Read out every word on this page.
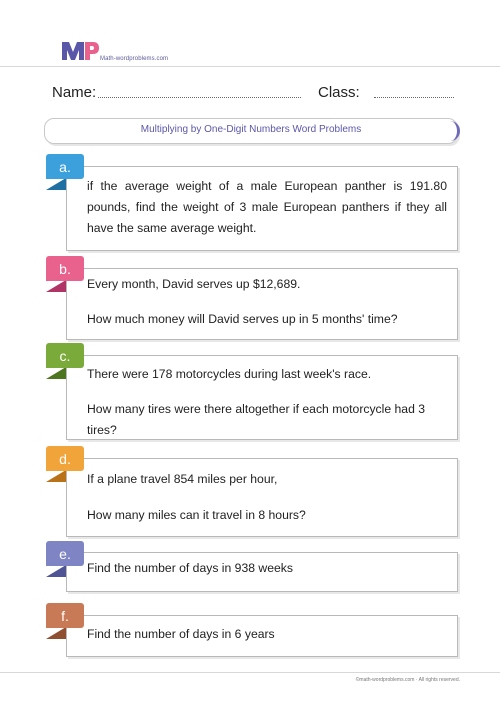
Math-wordproblems.com
Name:	Class:
Multiplying by One-Digit Numbers Word Problems
if the average weight of a male European panther is 191.80 pounds, find the weight of 3 male European panthers if they all have the same average weight.
a.
Every month, David serves up $12,689.
How much money will David serves up in 5 months' time?
b.
There were 178 motorcycles during last week's race.
How many tires were there altogether if each motorcycle had 3 tires?
c.
If a plane travel 854 miles per hour,
How many miles can it travel in 8 hours?
d.
Find the number of days in 938 weeks
e.
Find the number of days in 6 years
f.
©math-wordproblems.com · All rights reserved.
